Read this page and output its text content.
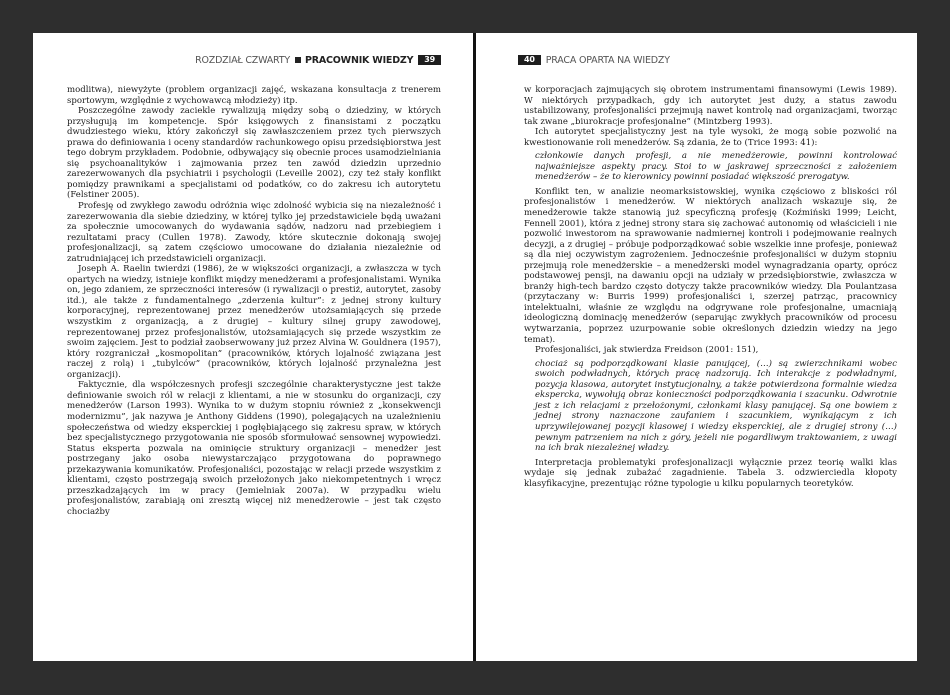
ROZDZIAŁ CZWARTY PRACOWNIK WIEDZY	39

modlitwa), niewyżyte (problem organizacji zajęć, wskazana konsultacja z trenerem sportowym, względnie z wychowawcą młodzieży) itp.

Poszczególne zawody zaciekle rywalizują między sobą o dziedziny, w których przysługują im kompetencje. Spór księgowych z finansistami z początku dwudziestego wieku, który zakończył się zawłaszczeniem przez tych pierwszych prawa do definiowania i oceny standardów rachunkowego opisu przedsiębiorstwa jest tego dobrym przykładem. Podobnie, odbywający się obecnie proces usamodzielniania się psychoanalityków i zajmowania przez ten zawód dziedzin uprzednio zarezerwowanych dla psychiatrii i psychologii (Leveille 2002), czy też stały konflikt pomiędzy prawnikami a specjalistami od podatków, co do zakresu ich autorytetu (Felstiner 2005).

Profesję od zwykłego zawodu odróżnia więc zdolność wybicia się na niezależność i zarezerwowania dla siebie dziedziny, w której tylko jej przedstawiciele będą uważani za społecznie umocowanych do wydawania sądów, nadzoru nad przebiegiem i rezultatami pracy (Cullen 1978). Zawody, które skutecznie dokonają swojej profesjonalizacji, są zatem częściowo umocowane do działania niezależnie od zatrudniającej ich przedstawicieli organizacji.

Joseph A. Raelin twierdzi (1986), że w większości organizacji, a zwłaszcza w tych opartych na wiedzy, istnieje konflikt między menedżerami a profesjonalistami. Wynika on, jego zdaniem, ze sprzeczności interesów (i rywalizacji o prestiż, autorytet, zasoby itd.), ale także z fundamentalnego „zderzenia kultur”: z jednej strony kultury korporacyjnej, reprezentowanej przez menedżerów utożsamiających się przede wszystkim z organizacją, a z drugiej – kultury silnej grupy zawodowej, reprezentowanej przez profesjonalistów, utożsamiających się przede wszystkim ze swoim zajęciem. Jest to podział zaobserwowany już przez Alvina W. Gouldnera (1957), który rozgraniczał „kosmopolitan” (pracowników, których lojalność związana jest raczej z rolą) i „tubylców” (pracowników, których lojalność przynależna jest organizacji).

Faktycznie, dla współczesnych profesji szczególnie charakterystyczne jest także definiowanie swoich ról w relacji z klientami, a nie w stosunku do organizacji, czy menedżerów (Larson 1993). Wynika to w dużym stopniu również z „konsekwencji modernizmu”, jak nazywa je Anthony Giddens (1990), polegających na uzależnieniu społeczeństwa od wiedzy eksperckiej i pogłębiającego się zakresu spraw, w których bez specjalistycznego przygotowania nie sposób sformułować sensownej wypowiedzi. Status eksperta pozwala na ominięcie struktury organizacji – menedżer jest postrzegany jako osoba niewystarczająco przygotowana do poprawnego przekazywania komunikatów. Profesjonaliści, pozostając w relacji przede wszystkim z klientami, często postrzegają swoich przełożonych jako niekompetentnych i wręcz przeszkadzających im w pracy (Jemielniak 2007a). W przypadku wielu profesjonalistów, zarabiają oni zresztą więcej niż menedżerowie – jest tak często chociażby

40	PRACA OPARTA NA WIEDZY

w korporacjach zajmujących się obrotem instrumentami finansowymi (Lewis 1989). W niektórych przypadkach, gdy ich autorytet jest duży, a status zawodu ustabilizowany, profesjonaliści przejmują nawet kontrolę nad organizacjami, tworząc tak zwane „biurokracje profesjonalne” (Mintzberg 1993).

Ich autorytet specjalistyczny jest na tyle wysoki, że mogą sobie pozwolić na kwestionowanie roli menedżerów. Są zdania, że to (Trice 1993: 41):

członkowie danych profesji, a nie menedżerowie, powinni kontrolować najważniejsze aspekty pracy. Stoi to w jaskrawej sprzeczności z założeniem menedżerów – że to kierownicy powinni posiadać większość prerogatyw.

Konflikt ten, w analizie neomarksistowskiej, wynika częściowo z bliskości ról profesjonalistów i menedżerów. W niektórych analizach wskazuje się, że menedżerowie także stanowią już specyficzną profesję (Koźmiński 1999; Leicht, Fennell 2001), która z jednej strony stara się zachować autonomię od właścicieli i nie pozwolić inwestorom na sprawowanie nadmiernej kontroli i podejmowanie realnych decyzji, a z drugiej – próbuje podporządkować sobie wszelkie inne profesje, ponieważ są dla niej oczywistym zagrożeniem. Jednocześnie profesjonaliści w dużym stopniu przejmują role menedżerskie – a menedżerski model wynagradzania oparty, oprócz podstawowej pensji, na dawaniu opcji na udziały w przedsiębiorstwie, zwłaszcza w branży high-tech bardzo często dotyczy także pracowników wiedzy. Dla Poulantzasa (przytaczany w: Burris 1999) profesjonaliści i, szerzej patrząc, pracownicy intelektualni, właśnie ze względu na odgrywane role profesjonalne, umacniają ideologiczną dominację menedżerów (separując zwykłych pracowników od procesu wytwarzania, poprzez uzurpowanie sobie określonych dziedzin wiedzy na jego temat).

Profesjonaliści, jak stwierdza Freidson (2001: 151),

chociaż są podporządkowani klasie panującej, (…) są zwierzchnikami wobec swoich podwładnych, których pracę nadzorują. Ich interakcje z podwładnymi, pozycja klasowa, autorytet instytucjonalny, a także potwierdzona formalnie wiedza ekspercka, wywołują obraz konieczności podporządkowania i szacunku. Odwrotnie jest z ich relacjami z przełożonymi, członkami klasy panującej. Są one bowiem z jednej strony naznaczone zaufaniem i szacunkiem, wynikającym z ich uprzywilejowanej pozycji klasowej i wiedzy eksperckiej, ale z drugiej strony (…) pewnym patrzeniem na nich z góry, jeżeli nie pogardliwym traktowaniem, z uwagi na ich brak niezależnej władzy.

Interpretacja problematyki profesjonalizacji wyłącznie przez teorię walki klas wydaje się jednak zubażać zagadnienie. Tabela 3. odzwierciedla kłopoty klasyfikacyjne, prezentując różne typologie u kilku popularnych teoretyków.
